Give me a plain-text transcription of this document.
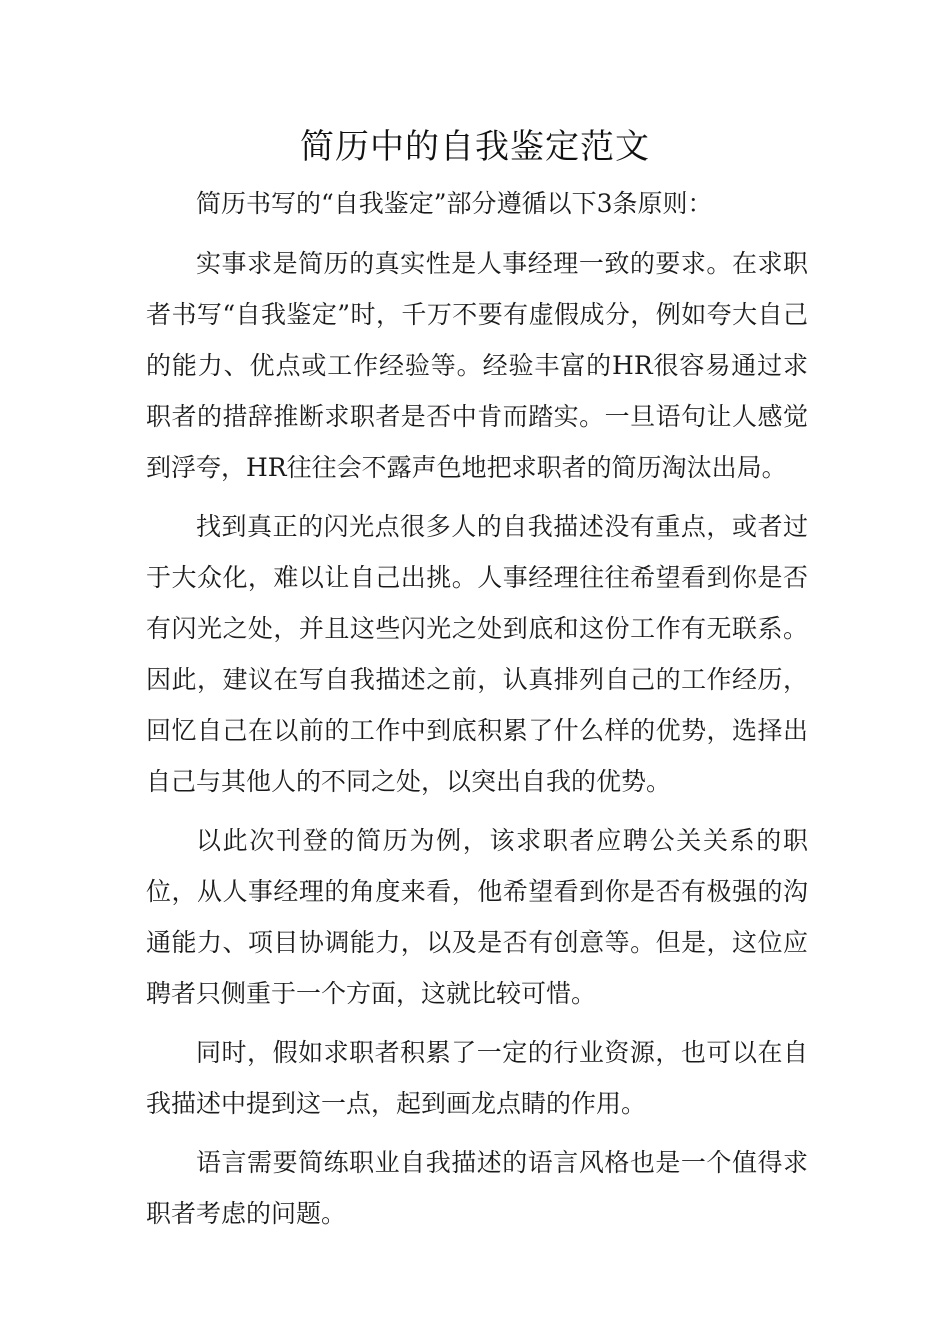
简历中的自我鉴定范文

简历书写的“自我鉴定”部分遵循以下3条原则：

实事求是简历的真实性是人事经理一致的要求。在求职者书写“自我鉴定”时，千万不要有虚假成分，例如夸大自己的能力、优点或工作经验等。经验丰富的HR很容易通过求职者的措辞推断求职者是否中肯而踏实。一旦语句让人感觉到浮夸，HR往往会不露声色地把求职者的简历淘汰出局。

找到真正的闪光点很多人的自我描述没有重点，或者过于大众化，难以让自己出挑。人事经理往往希望看到你是否有闪光之处，并且这些闪光之处到底和这份工作有无联系。因此，建议在写自我描述之前，认真排列自己的工作经历，回忆自己在以前的工作中到底积累了什么样的优势，选择出自己与其他人的不同之处，以突出自我的优势。

以此次刊登的简历为例，该求职者应聘公关关系的职位，从人事经理的角度来看，他希望看到你是否有极强的沟通能力、项目协调能力，以及是否有创意等。但是，这位应聘者只侧重于一个方面，这就比较可惜。

同时，假如求职者积累了一定的行业资源，也可以在自我描述中提到这一点，起到画龙点睛的作用。

语言需要简练职业自我描述的语言风格也是一个值得求职者考虑的问题。
